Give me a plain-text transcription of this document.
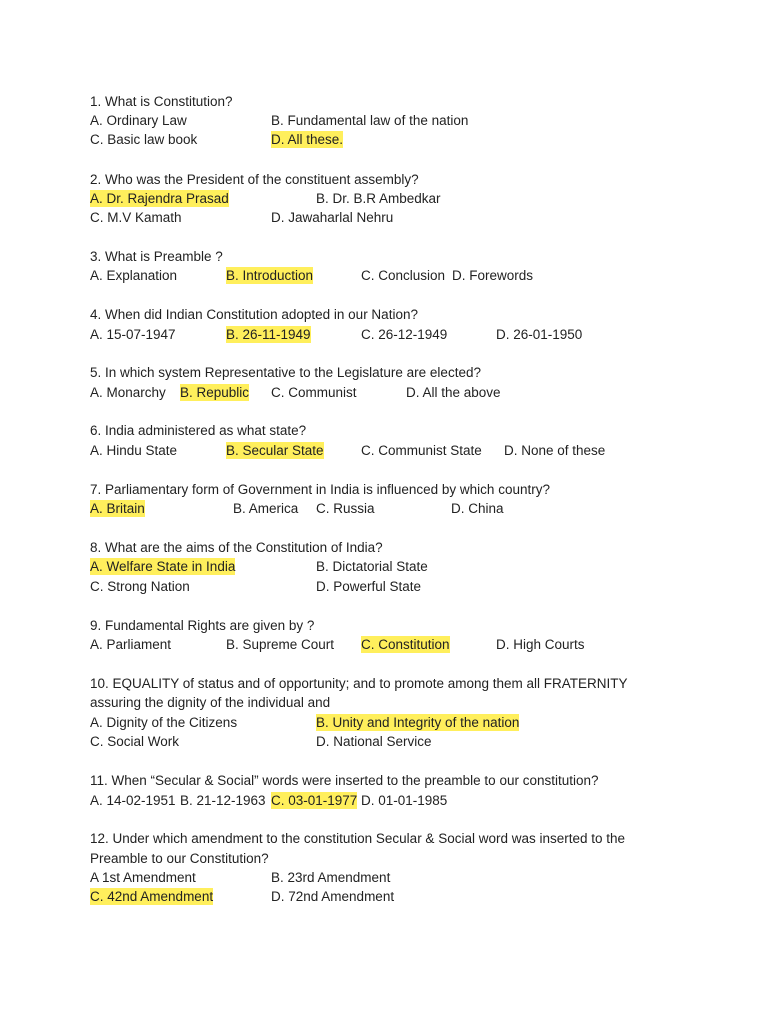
1. What is Constitution?
A. Ordinary Law	B. Fundamental law of the nation
C. Basic law book	D. All these.
2. Who was the President of the constituent assembly?
A. Dr. Rajendra Prasad	B. Dr. B.R Ambedkar
C. M.V Kamath	D. Jawaharlal Nehru
3. What is Preamble ?
A. Explanation	B. Introduction	C. Conclusion D. Forewords
4. When did Indian Constitution adopted in our Nation?
A. 15-07-1947	B. 26-11-1949	C. 26-12-1949	D. 26-01-1950
5. In which system Representative to the Legislature are elected?
A. Monarchy B. Republic C. Communist	D. All the above
6. India administered as what state?
A. Hindu State	B. Secular State	C. Communist State D. None of these
7. Parliamentary form of Government in India is influenced by which country?
A. Britain	B. America C. Russia	D. China
8. What are the aims of the Constitution of India?
A. Welfare State in India	B. Dictatorial State
C. Strong Nation	D. Powerful State
9. Fundamental Rights are given by ?
A. Parliament	B. Supreme Court C. Constitution	D. High Courts
10. EQUALITY of status and of opportunity; and to promote among them all FRATERNITY
assuring the dignity of the individual and
A. Dignity of the Citizens	B. Unity and Integrity of the nation
C. Social Work	D. National Service
11. When “Secular & Social” words were inserted to the preamble to our constitution?
A. 14-02-1951 B. 21-12-1963 C. 03-01-1977 D. 01-01-1985
12. Under which amendment to the constitution Secular & Social word was inserted to the
Preamble to our Constitution?
A 1st Amendment	B. 23rd Amendment
C. 42nd Amendment	D. 72nd Amendment
